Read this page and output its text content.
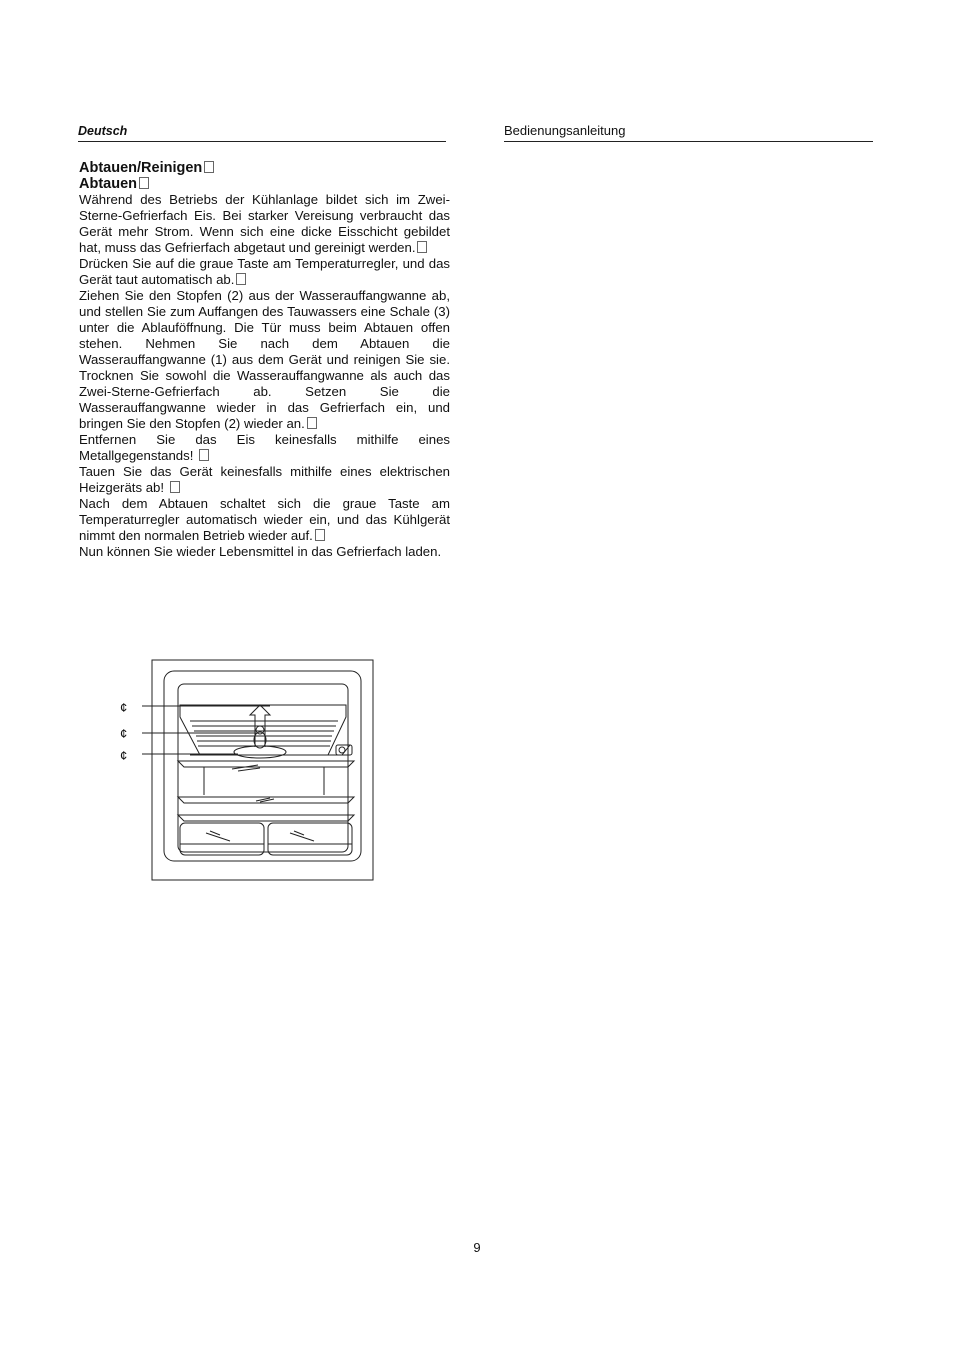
Deutsch	Bedienungsanleitung
Abtauen/Reinigen
Abtauen

Während des Betriebs der Kühlanlage bildet sich im Zwei-Sterne-Gefrierfach Eis. Bei starker Vereisung verbraucht das Gerät mehr Strom. Wenn sich eine dicke Eisschicht gebildet hat, muss das Gefrierfach abgetaut und gereinigt werden.

Drücken Sie auf die graue Taste am Temperaturregler, und das Gerät taut automatisch ab.

Ziehen Sie den Stopfen (2) aus der Wasserauffangwanne ab, und stellen Sie zum Auffangen des Tauwassers eine Schale (3) unter die Ablauföffnung. Die Tür muss beim Abtauen offen stehen. Nehmen Sie nach dem Abtauen die Wasserauffangwanne (1) aus dem Gerät und reinigen Sie sie. Trocknen Sie sowohl die Wasserauffangwanne als auch das Zwei-Sterne-Gefrierfach ab. Setzen Sie die Wasserauffangwanne wieder in das Gefrierfach ein, und bringen Sie den Stopfen (2) wieder an.

Entfernen Sie das Eis keinesfalls mithilfe eines Metallgegenstands!

Tauen Sie das Gerät keinesfalls mithilfe eines elektrischen Heizgeräts ab!

Nach dem Abtauen schaltet sich die graue Taste am Temperaturregler automatisch wieder ein, und das Kühlgerät nimmt den normalen Betrieb wieder auf.

Nun können Sie wieder Lebensmittel in das Gefrierfach laden.

¢
¢
¢
9
